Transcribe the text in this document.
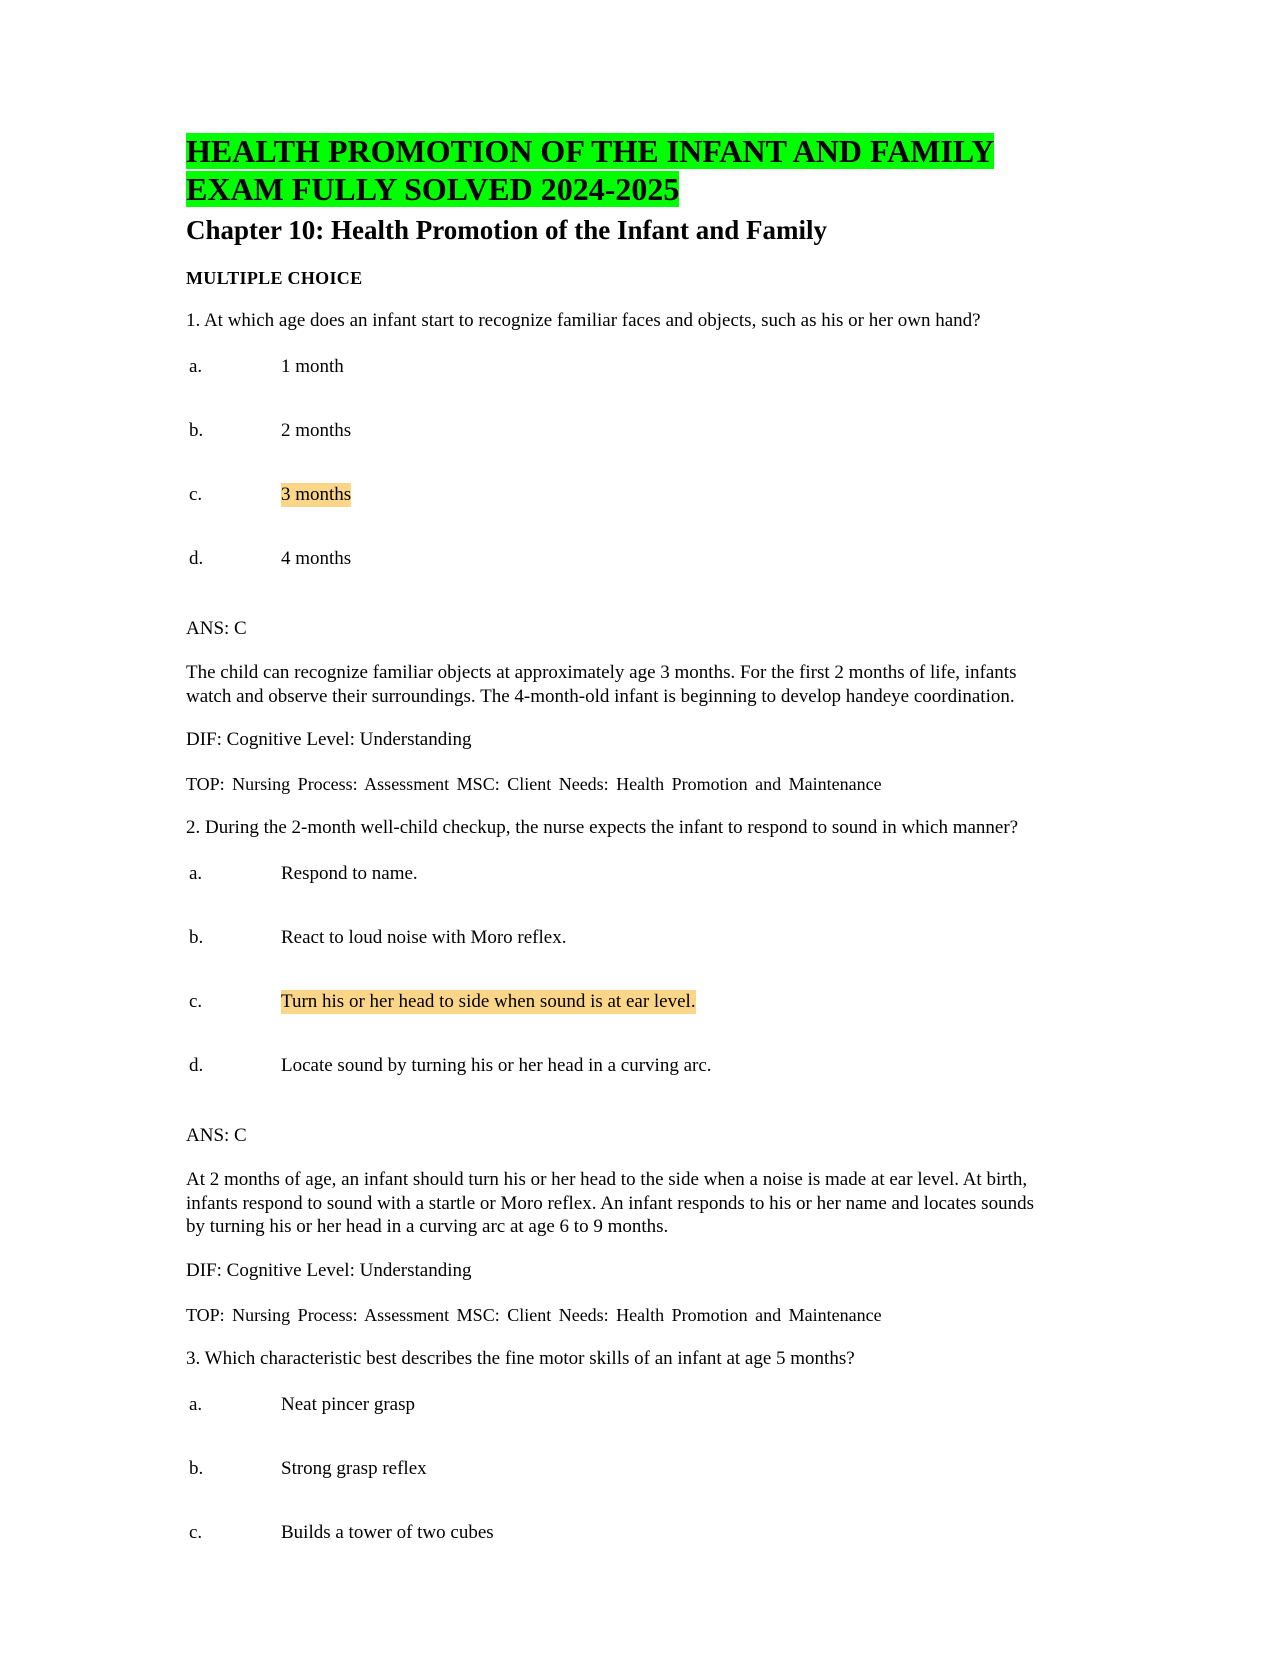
HEALTH PROMOTION OF THE INFANT AND FAMILY
EXAM FULLY SOLVED 2024-2025
Chapter 10: Health Promotion of the Infant and Family
MULTIPLE CHOICE

1. At which age does an infant start to recognize familiar faces and objects, such as his or her own hand?

a.	1 month
b.	2 months
c.	3 months
d.	4 months

ANS: C

The child can recognize familiar objects at approximately age 3 months. For the first 2 months of life, infants watch and observe their surroundings. The 4-month-old infant is beginning to develop handeye coordination.

DIF: Cognitive Level: Understanding

TOP: Nursing Process: Assessment MSC: Client Needs: Health Promotion and Maintenance

2. During the 2-month well-child checkup, the nurse expects the infant to respond to sound in which manner?

a.	Respond to name.
b.	React to loud noise with Moro reflex.
c.	Turn his or her head to side when sound is at ear level.
d.	Locate sound by turning his or her head in a curving arc.

ANS: C

At 2 months of age, an infant should turn his or her head to the side when a noise is made at ear level. At birth, infants respond to sound with a startle or Moro reflex. An infant responds to his or her name and locates sounds by turning his or her head in a curving arc at age 6 to 9 months.

DIF: Cognitive Level: Understanding

TOP: Nursing Process: Assessment MSC: Client Needs: Health Promotion and Maintenance

3. Which characteristic best describes the fine motor skills of an infant at age 5 months?

a.	Neat pincer grasp
b.	Strong grasp reflex
c.	Builds a tower of two cubes
